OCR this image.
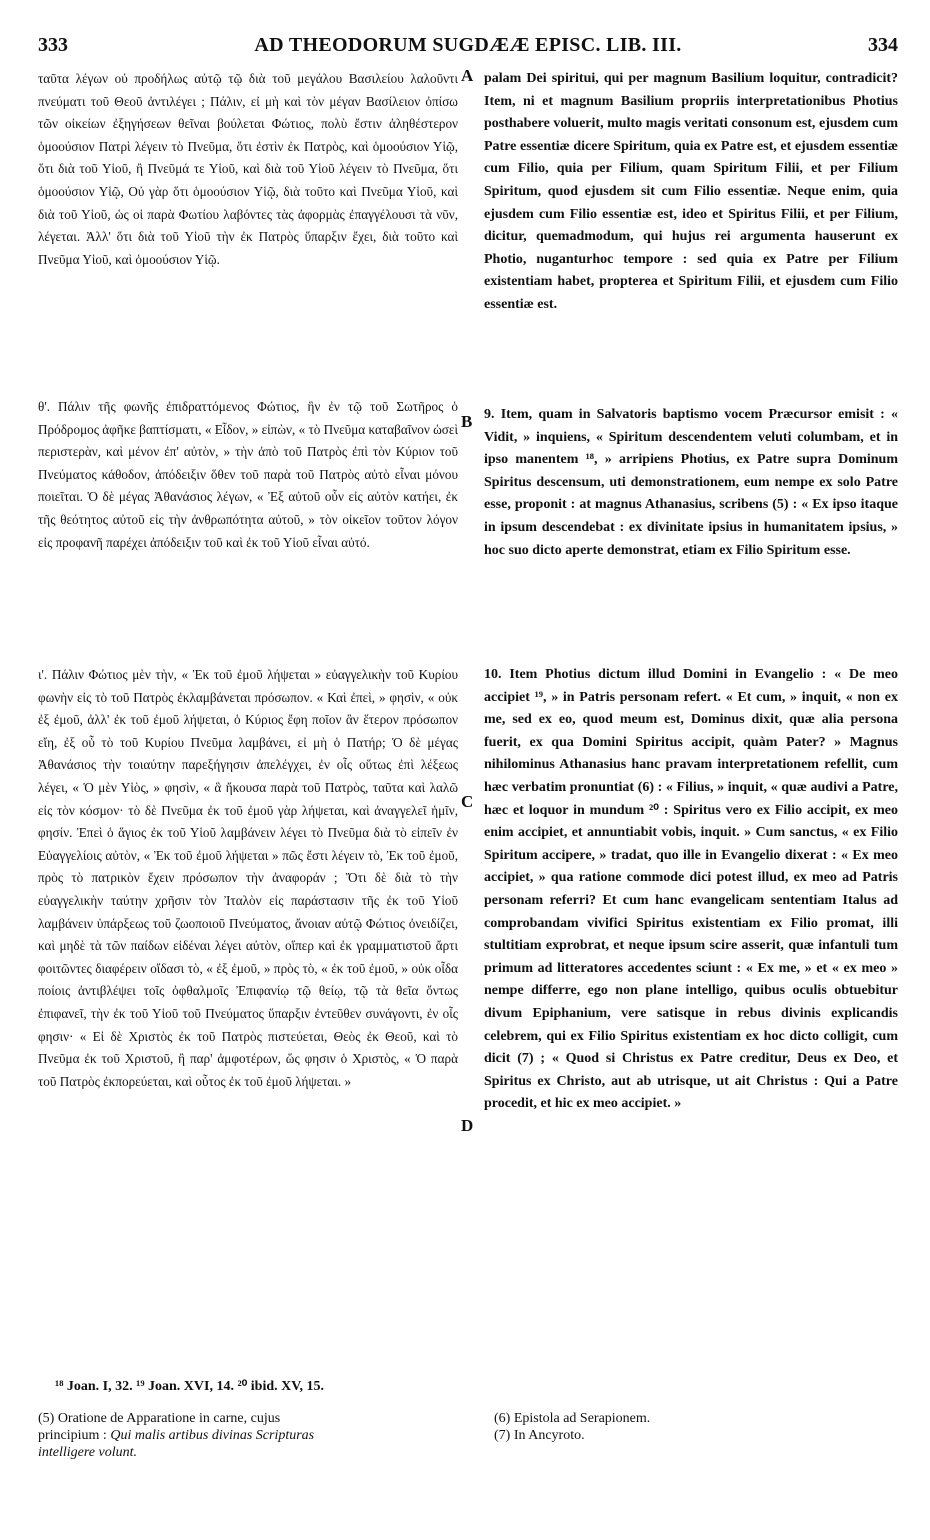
333	AD THEODORUM SUGDÆÆ EPISC. LIB. III.	334

ταῦτα λέγων οὐ προδήλως αὐτῷ τῷ διὰ τοῦ μεγάλου Βασιλείου λαλοῦντι πνεύματι τοῦ Θεοῦ ἀντιλέγει ; Πάλιν, εἰ μὴ καὶ τὸν μέγαν Βασίλειον ὀπίσω τῶν οἰκείων ἐξηγήσεων θεῖναι βούλεται Φώτιος, πολὺ ἔστιν ἀληθέστερον ὁμοούσιον Πατρὶ λέγειν τὸ Πνεῦμα, ὅτι ἐστὶν ἐκ Πατρὸς, καὶ ὁμοούσιον Υἱῷ, ὅτι διὰ τοῦ Υἱοῦ, ἢ Πνεῦμά τε Υἱοῦ, καὶ διὰ τοῦ Υἱοῦ λέγειν τὸ Πνεῦμα, ὅτι ὁμοούσιον Υἱῷ, Οὐ γὰρ ὅτι ὁμοούσιον Υἱῷ, διὰ τοῦτο καὶ Πνεῦμα Υἱοῦ, καὶ διὰ τοῦ Υἱοῦ, ὡς οἱ παρὰ Φωτίου λαβόντες τὰς ἀφορμὰς ἐπαγγέλουσι τὰ νῦν, λέγεται. Ἀλλ' ὅτι διὰ τοῦ Υἱοῦ τὴν ἐκ Πατρὸς ὕπαρξιν ἔχει, διὰ τοῦτο καὶ Πνεῦμα Υἱοῦ, καὶ ὁμοούσιον Υἱῷ.

θ'. Πάλιν τῆς φωνῆς ἐπιδραττόμενος Φώτιος, ἣν ἐν τῷ τοῦ Σωτῆρος ὁ Πρόδρομος ἀφῆκε βαπτίσματι, « Εἶδον, » εἰπὼν, « τὸ Πνεῦμα καταβαῖνον ὡσεὶ περιστερὰν, καὶ μένον ἐπ' αὐτὸν, » τὴν ἀπὸ τοῦ Πατρὸς ἐπὶ τὸν Κύριον τοῦ Πνεύματος κάθοδον, ἀπόδειξιν ὅθεν τοῦ παρὰ τοῦ Πατρὸς αὐτὸ εἶναι μόνου ποιεῖται. Ὁ δὲ μέγας Ἀθανάσιος λέγων, « Ἐξ αὐτοῦ οὖν εἰς αὐτὸν κατήει, ἐκ τῆς θεότητος αὐτοῦ εἰς τὴν ἀνθρωπότητα αὐτοῦ, » τὸν οἰκεῖον τοῦτον λόγον εἰς προφανῆ παρέχει ἀπόδειξιν τοῦ καὶ ἐκ τοῦ Υἱοῦ εἶναι αὐτό.

ι'. Πάλιν Φώτιος μὲν τὴν, « Ἐκ τοῦ ἐμοῦ λήψεται » εὐαγγελικὴν τοῦ Κυρίου φωνὴν εἰς τὸ τοῦ Πατρὸς ἐκλαμβάνεται πρόσωπον. « Καὶ ἐπεὶ, » φησὶν, « οὐκ ἐξ ἐμοῦ, ἀλλ' ἐκ τοῦ ἐμοῦ λήψεται, ὁ Κύριος ἔφη ποῖον ἂν ἕτερον πρόσωπον εἴη, ἐξ οὗ τὸ τοῦ Κυρίου Πνεῦμα λαμβάνει, εἰ μὴ ὁ Πατήρ; Ὁ δὲ μέγας Ἀθανάσιος τὴν τοιαύτην παρεξήγησιν ἀπελέγχει, ἐν οἷς οὕτως ἐπὶ λέξεως λέγει, « Ὁ μὲν Υἱὸς, » φησὶν, « ἃ ἤκουσα παρὰ τοῦ Πατρὸς, ταῦτα καὶ λαλῶ εἰς τὸν κόσμον· τὸ δὲ Πνεῦμα ἐκ τοῦ ἐμοῦ γὰρ λήψεται, καὶ ἀναγγελεῖ ἡμῖν, φησίν. Ἐπεὶ ὁ ἅγιος ἐκ τοῦ Υἱοῦ λαμβάνειν λέγει τὸ Πνεῦμα διὰ τὸ εἰπεῖν ἐν Εὐαγγελίοις αὐτὸν, « Ἐκ τοῦ ἐμοῦ λήψεται » πῶς ἔστι λέγειν τὸ, Ἐκ τοῦ ἐμοῦ, πρὸς τὸ πατρικὸν ἔχειν πρόσωπον τὴν ἀναφοράν ; Ὅτι δὲ διὰ τὸ τὴν εὐαγγελικὴν ταύτην χρῆσιν τὸν Ἰταλὸν εἰς παράστασιν τῆς ἐκ τοῦ Υἱοῦ λαμβάνειν ὑπάρξεως τοῦ ζωοποιοῦ Πνεύματος, ἄνοιαν αὐτῷ Φώτιος ὀνειδίζει, καὶ μηδὲ τὰ τῶν παίδων εἰδέναι λέγει αὐτὸν, οἵπερ καὶ ἐκ γραμματιστοῦ ἄρτι φοιτῶντες διαφέρειν οἴδασι τὸ, « ἐξ ἐμοῦ, » πρὸς τὸ, « ἐκ τοῦ ἐμοῦ, » οὐκ οἶδα ποίοις ἀντιβλέψει τοῖς ὀφθαλμοῖς Ἐπιφανίῳ τῷ θείῳ, τῷ τὰ θεῖα ὄντως ἐπιφανεῖ, τὴν ἐκ τοῦ Υἱοῦ τοῦ Πνεύματος ὕπαρξιν ἐντεῦθεν συνάγοντι, ἐν οἷς φησιν· « Εἰ δὲ Χριστὸς ἐκ τοῦ Πατρὸς πιστεύεται, Θεὸς ἐκ Θεοῦ, καὶ τὸ Πνεῦμα ἐκ τοῦ Χριστοῦ, ἢ παρ' ἀμφοτέρων, ὥς φησιν ὁ Χριστὸς, « Ὁ παρὰ τοῦ Πατρὸς ἐκπορεύεται, καὶ οὗτος ἐκ τοῦ ἐμοῦ λήψεται. »

palam Dei spiritui, qui per magnum Basilium loquitur, contradicit? Item, ni et magnum Basilium propriis interpretationibus Photius posthabere voluerit, multo magis veritati consonum est, ejusdem cum Patre essentiæ dicere Spiritum, quia ex Patre est, et ejusdem essentiæ cum Filio, quia per Filium, quam Spiritum Filii, et per Filium Spiritum, quod ejusdem sit cum Filio essentiæ. Neque enim, quia ejusdem cum Filio essentiæ est, ideo et Spiritus Filii, et per Filium, dicitur, quemadmodum, qui hujus rei argumenta hauserunt ex Photio, nuganturhoc tempore : sed quia ex Patre per Filium existentiam habet, propterea et Spiritum Filii, et ejusdem cum Filio essentiæ est.

9. Item, quam in Salvatoris baptismo vocem Præcursor emisit : « Vidit, » inquiens, « Spiritum descendentem veluti columbam, et in ipso manentem ¹⁸, » arripiens Photius, ex Patre supra Dominum Spiritus descensum, uti demonstrationem, eum nempe ex solo Patre esse, proponit : at magnus Athanasius, scribens (5) : « Ex ipso itaque in ipsum descendebat : ex divinitate ipsius in humanitatem ipsius, » hoc suo dicto aperte demonstrat, etiam ex Filio Spiritum esse.

10. Item Photius dictum illud Domini in Evangelio : « De meo accipiet ¹⁹, » in Patris personam refert. « Et cum, » inquit, « non ex me, sed ex eo, quod meum est, Dominus dixit, quæ alia persona fuerit, ex qua Domini Spiritus accipit, quàm Pater? » Magnus nihilominus Athanasius hanc pravam interpretationem refellit, cum hæc verbatim pronuntiat (6) : « Filius, » inquit, « quæ audivi a Patre, hæc et loquor in mundum ²⁰ : Spiritus vero ex Filio accipit, ex meo enim accipiet, et annuntiabit vobis, inquit. » Cum sanctus, « ex Filio Spiritum accipere, » tradat, quo ille in Evangelio dixerat : « Ex meo accipiet, » qua ratione commode dici potest illud, ex meo ad Patris personam referri? Et cum hanc evangelicam sententiam Italus ad comprobandam vivifici Spiritus existentiam ex Filio promat, illi stultitiam exprobrat, et neque ipsum scire asserit, quæ infantuli tum primum ad litteratores accedentes sciunt : « Ex me, » et « ex meo » nempe differre, ego non plane intelligo, quibus oculis obtuebitur divum Epiphanium, vere satisque in rebus divinis explicandis celebrem, qui ex Filio Spiritus existentiam ex hoc dicto colligit, cum dicit (7) ; « Quod si Christus ex Patre creditur, Deus ex Deo, et Spiritus ex Christo, aut ab utrisque, ut ait Christus : Qui a Patre procedit, et hic ex meo accipiet. »

A
B
C
D
¹⁸ Joan. I, 32. ¹⁹ Joan. XVI, 14. ²⁰ ibid. XV, 15.
(5) Oratione de Apparatione in carne, cujus
principium : Qui malis artibus divinas Scripturas
intelligere volunt.
(6) Epistola ad Serapionem.
(7) In Ancyroto.
